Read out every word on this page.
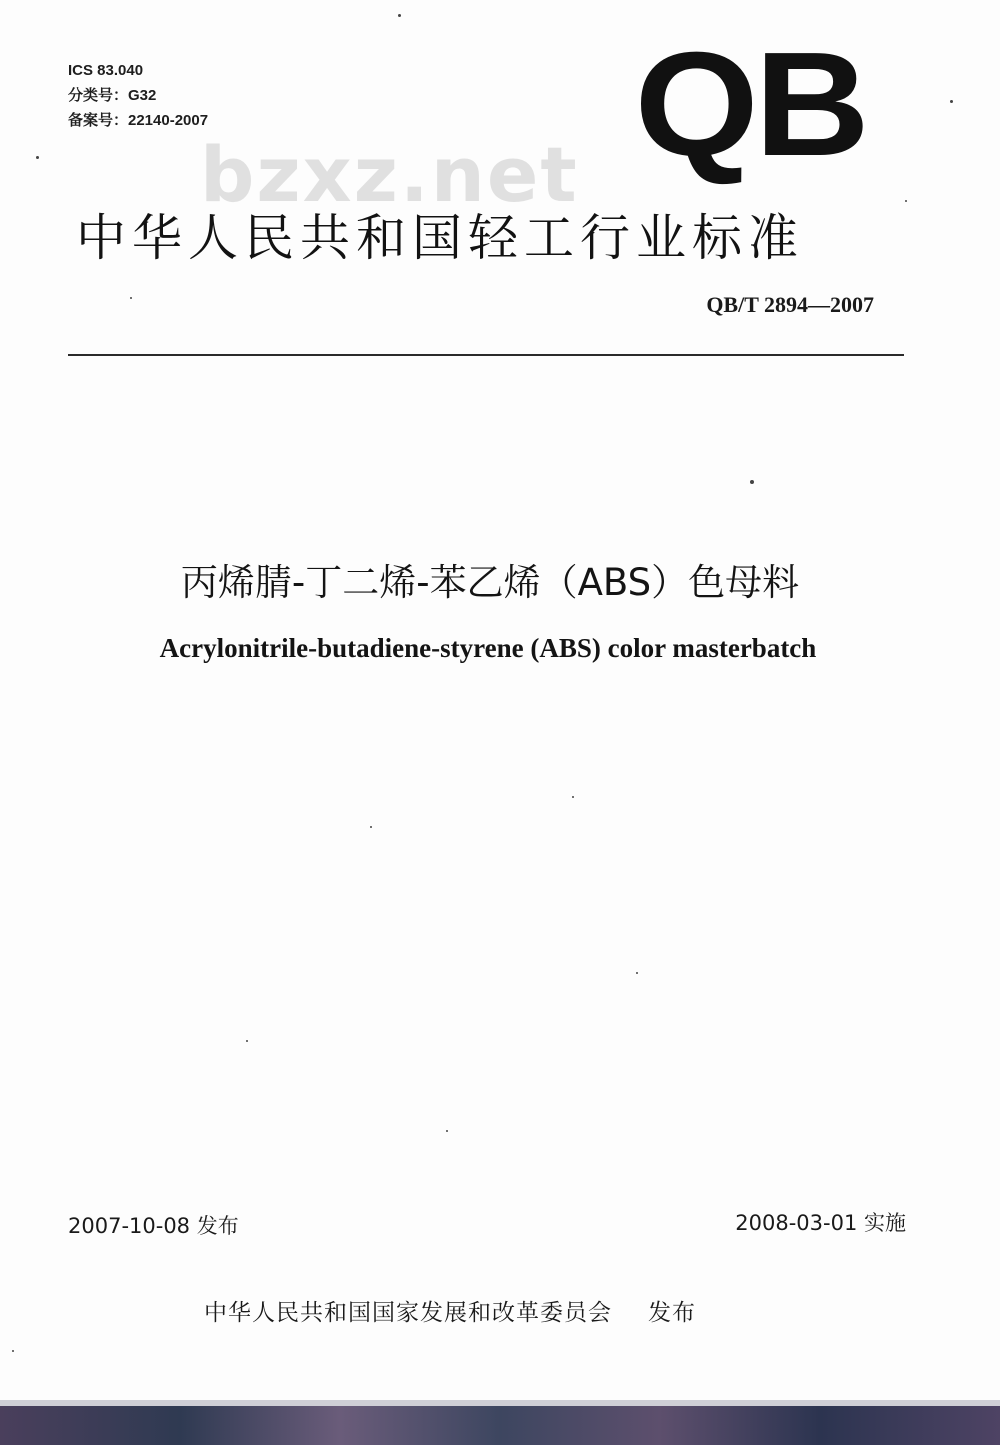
ICS 83.040
分类号：G32
备案号：22140-2007
bzxz.net QB
中华人民共和国轻工行业标准
QB/T 2894—2007
丙烯腈-丁二烯-苯乙烯（ABS）色母料
Acrylonitrile-butadiene-styrene (ABS) color masterbatch
2007-10-08 发布	2008-03-01 实施
中华人民共和国国家发展和改革委员会 发布
